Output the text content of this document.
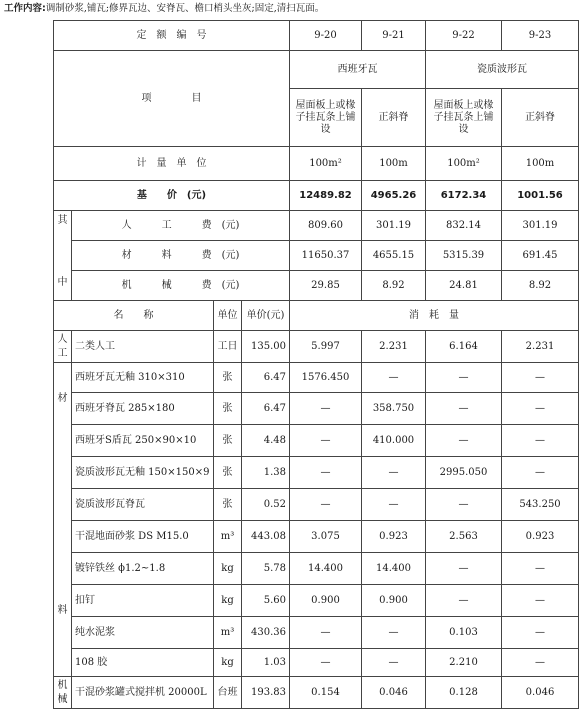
工作内容:调制砂浆,铺瓦;修界瓦边、安脊瓦、檐口梢头坐灰;固定,清扫瓦面。
定　额　编　号				9-20	9-21	9-22	9-23
项　　　　目				西班牙瓦		瓷质波形瓦	
				屋面板上或椽子挂瓦条上铺设	正斜脊	屋面板上或椽子挂瓦条上铺设	正斜脊
计　量　单　位				100m²	100m	100m²	100m
基　　价　(元)				12489.82	4965.26	6172.34	1001.56

其
中	人　　　工　　　费　(元)			809.60	301.19	832.14	301.19
	材　　　料　　　费　(元)			11650.37	4655.15	5315.39	691.45
	机　　　械　　　费　(元)			29.85	8.92	24.81	8.92
名　　称		单位	单价(元)	消　耗　量			
人工	二类人工	工日	135.00	5.997	2.231	6.164	2.231

材
料	西班牙瓦无釉 310×310	张	6.47	1576.450	—	—	—
	西班牙脊瓦 285×180	张	6.47	—	358.750	—	—
	西班牙S盾瓦 250×90×10	张	4.48	—	410.000	—	—
	瓷质波形瓦无釉 150×150×9	张	1.38	—	—	2995.050	—
	瓷质波形瓦脊瓦	张	0.52	—	—	—	543.250
	干混地面砂浆 DS M15.0	m³	443.08	3.075	0.923	2.563	0.923
	镀锌铁丝 ϕ1.2~1.8	kg	5.78	14.400	14.400	—	—
	扣钉	kg	5.60	0.900	0.900	—	—
	纯水泥浆	m³	430.36	—	—	0.103	—
	108 胶	kg	1.03	—	—	2.210	—
机械	干混砂浆罐式搅拌机 20000L	台班	193.83	0.154	0.046	0.128	0.046
